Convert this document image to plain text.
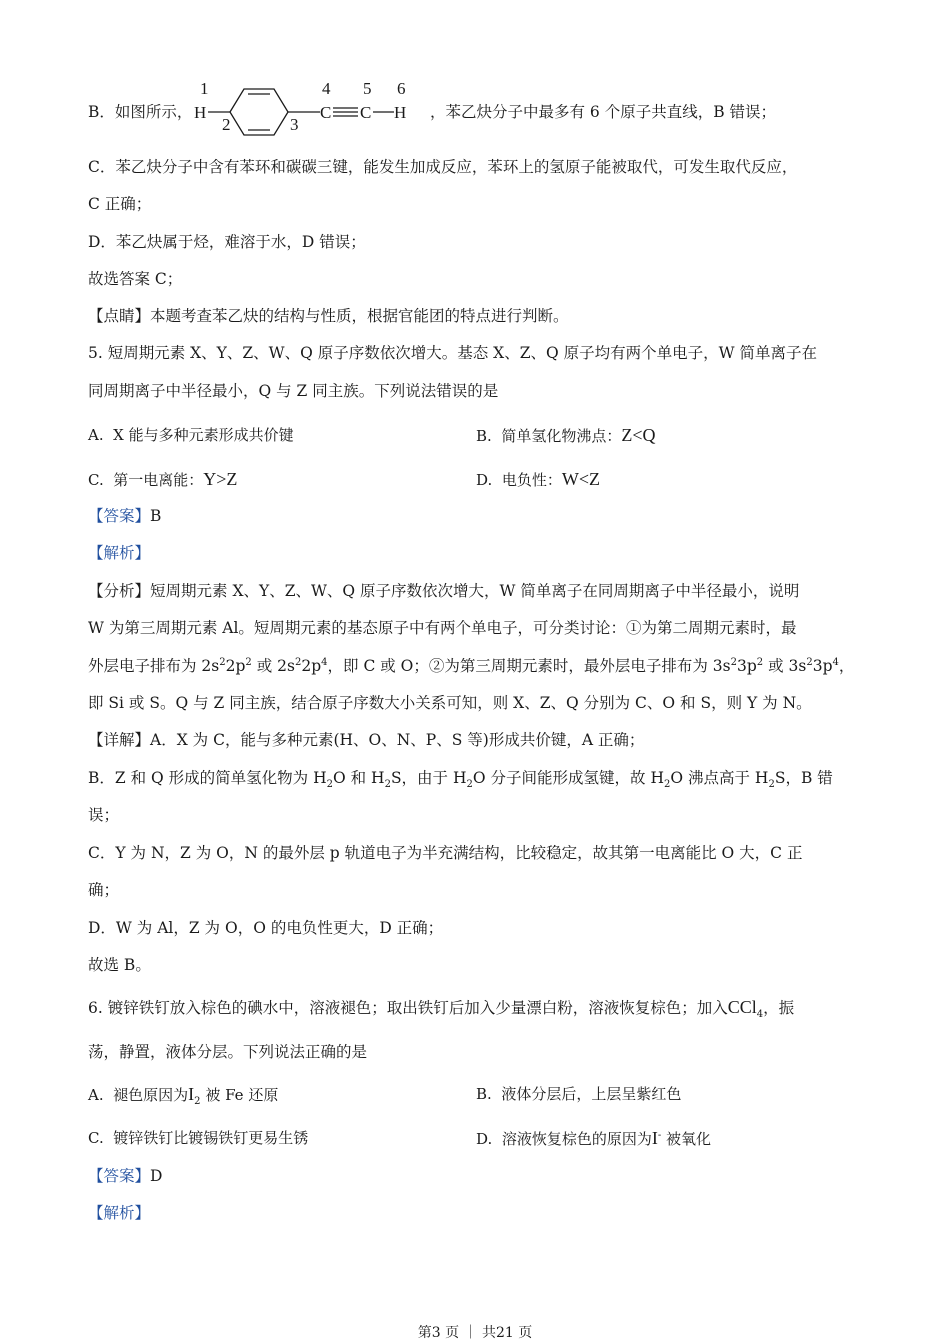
B．如图所示，
1
H
2	3
4
C
5
C
6
H ，苯乙炔分子中最多有 6 个原子共直线，B 错误；
C．苯乙炔分子中含有苯环和碳碳三键，能发生加成反应，苯环上的氢原子能被取代，可发生取代反应，
C 正确；
D．苯乙炔属于烃，难溶于水，D 错误；
故选答案 C；
【点睛】本题考查苯乙炔的结构与性质，根据官能团的特点进行判断。
5. 短周期元素 X、Y、Z、W、Q 原子序数依次增大。基态 X、Z、Q 原子均有两个单电子，W 简单离子在
同周期离子中半径最小，Q 与 Z 同主族。下列说法错误的是
A. X 能与多种元素形成共价键	B. 简单氢化物沸点：Z<Q
C. 第一电离能：Y>Z	D. 电负性：W<Z
【答案】B
【解析】
【分析】短周期元素 X、Y、Z、W、Q 原子序数依次增大，W 简单离子在同周期离子中半径最小，说明
W 为第三周期元素 Al。短周期元素的基态原子中有两个单电子，可分类讨论：①为第二周期元素时，最
外层电子排布为 $2s^22p^2$ 或 $2s^22p^4$，即 C 或 O；②为第三周期元素时，最外层电子排布为 $3s^23p^2$ 或 $3s^23p^4$，
即 Si 或 S。Q 与 Z 同主族，结合原子序数大小关系可知，则 X、Z、Q 分别为 C、O 和 S，则 Y 为 N。
【详解】A．X 为 C，能与多种元素(H、O、N、P、S 等)形成共价键，A 正确；
B．Z 和 Q 形成的简单氢化物为 $H_2O$ 和 $H_2S$，由于 $H_2O$ 分子间能形成氢键，故 $H_2O$ 沸点高于 $H_2S$，B 错
误；
C．Y 为 N，Z 为 O，N 的最外层 p 轨道电子为半充满结构，比较稳定，故其第一电离能比 O 大，C 正
确；
D．W 为 Al，Z 为 O，O 的电负性更大，D 正确；
故选 B。
6. 镀锌铁钉放入棕色的碘水中，溶液褪色；取出铁钉后加入少量漂白粉，溶液恢复棕色；加入CCl$_4$，振
荡，静置，液体分层。下列说法正确的是
A. 褪色原因为$I_2$ 被 Fe 还原	B. 液体分层后，上层呈紫红色
C. 镀锌铁钉比镀锡铁钉更易生锈	D. 溶液恢复棕色的原因为I- 被氧化
【答案】D
【解析】
第3 页 ｜ 共21 页
